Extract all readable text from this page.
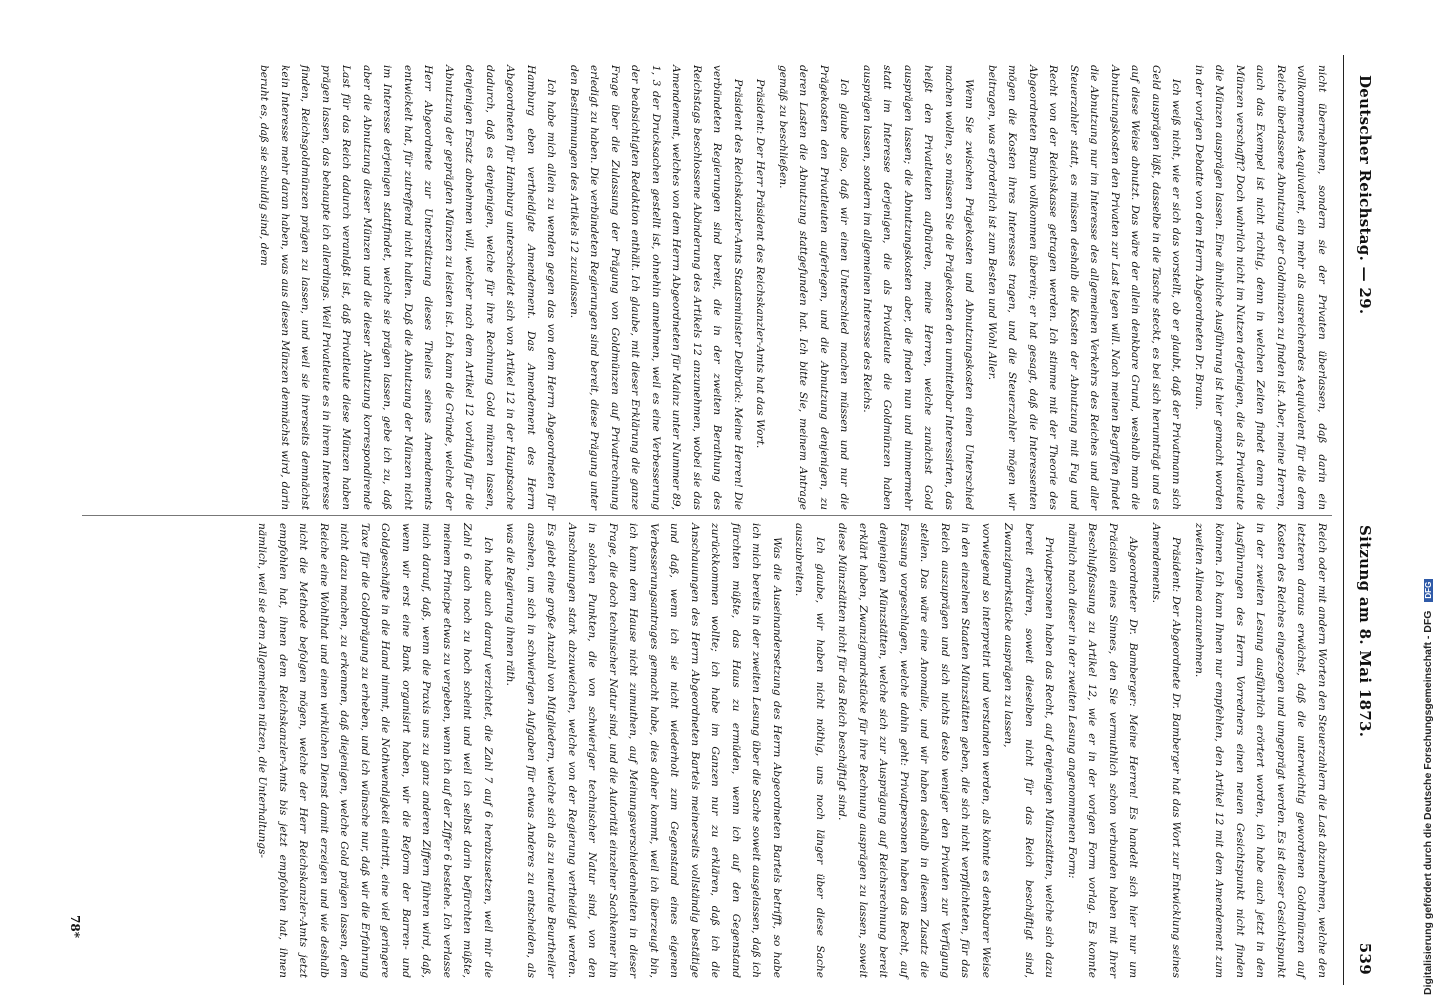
Deutscher Reichstag. — 29.
Sitzung am 8. Mai 1873.
539

nicht übernehmen, sondern sie der Privaten überlassen, daß darin ein vollkommenes Aequivalent, ein mehr als ausreichendes Aequivalent für die dem Reiche überlassene Abnutzung der Goldmünzen zu finden ist. Aber, meine Herren, auch das Exempel ist nicht richtig, denn in welchen Zeiten findet denn die Münzen verschafft? Doch wahrlich nicht im Nutzen derjenigen, die als Privatleute die Münzen ausprägen lassen. Eine ähnliche Ausführung ist hier gemacht worden in der vorigen Debatte von dem Herrn Abgeordneten Dr. Braun.

Ich weiß nicht, wie er sich das vorstellt, ob er glaubt, daß der Privatmann sich Geld ausprägen läßt, dasselbe in die Tasche steckt, es bei sich herumträgt und es auf diese Weise abnutzt. Das wäre der allein denkbare Grund, weshalb man die Abnutzungskosten den Privaten zur Last legen will. Nach meinen Begriffen findet die Abnutzung nur im Interesse des allgemeinen Verkehrs des Reiches und aller Steuerzahler statt, es müssen deshalb die Kosten der Abnutzung mit Fug und Recht von der Reichskasse getragen werden. Ich stimme mit der Theorie des Abgeordneten Braun vollkommen überein; er hat gesagt, daß die Interessenten mögen die Kosten ihres Interesses tragen, und die Steuerzahler mögen wir beitragen, was erforderlich ist zum Besten und Wohl Aller.

Wenn Sie zwischen Prägekosten und Abnutzungskosten einen Unterschied machen wollen, so müssen Sie die Prägekosten den unmittelbar Interessirten, das heißt den Privatleuten aufbürden, meine Herren, welche zunächst Gold ausprägen lassen; die Abnutzungskosten aber, die finden nun und nimmermehr statt im Interesse derjenigen, die als Privatleute die Goldmünzen haben ausprägen lassen, sondern im allgemeinen Interesse des Reichs.

Ich glaube also, daß wir einen Unterschied machen müssen und nur die Prägekosten den Privatleuten auferlegen, und die Abnutzung denjenigen, zu deren Lasten die Abnutzung stattgefunden hat. Ich bitte Sie, meinem Antrage gemäß zu beschließen.

Präsident: Der Herr Präsident des Reichskanzler-Amts hat das Wort.

Präsident des Reichskanzler-Amts Staatsminister Delbrück: Meine Herren! Die verbündeten Regierungen sind bereit, die in der zweiten Berathung des Reichstags beschlossene Abänderung des Artikels 12 anzunehmen, wobei sie das Amendement, welches von dem Herrn Abgeordneten für Mainz unter Nummer 89, 1, 3 der Drucksachen gestellt ist, ohnehin annehmen, weil es eine Verbesserung der beabsichtigten Redaktion enthält. Ich glaube, mit dieser Erklärung die ganze Frage über die Zulassung der Prägung von Goldmünzen auf Privatrechnung erledigt zu haben. Die verbündeten Regierungen sind bereit, diese Prägung unter den Bestimmungen des Artikels 12 zuzulassen.

Ich habe mich allein zu wenden gegen das von dem Herrn Abgeordneten für Hamburg eben vertheidigte Amendement. Das Amendement des Herrn Abgeordneten für Hamburg unterscheidet sich von Artikel 12 in der Hauptsache dadurch, daß es denjenigen, welche für ihre Rechnung Gold münzen lassen, denjenigen Ersatz abnehmen will, welcher nach dem Artikel 12 vorläufig für die Abnutzung der geprägten Münzen zu leisten ist. Ich kann die Gründe, welche der Herr Abgeordnete zur Unterstützung dieses Theiles seines Amendements entwickelt hat, für zutreffend nicht halten. Daß die Abnutzung der Münzen nicht im Interesse derjenigen stattfindet, welche sie prägen lassen, gebe ich zu, daß aber die Abnutzung dieser Münzen und die dieser Abnutzung korrespondirende Last für das Reich dadurch veranlaßt ist, daß Privatleute diese Münzen haben prägen lassen, das behaupte ich allerdings. Weil Privatleute es in ihrem Interesse finden, Reichsgoldmünzen prägen zu lassen, und weil sie ihrerseits demnächst kein Interesse mehr daran haben, was aus diesen Münzen demnächst wird, darin beruht es, daß sie schuldig sind, dem

Reich oder mit andern Worten den Steuerzahlern die Last abzunehmen, welche den letzteren daraus erwächst, daß die unterwichtig gewordenen Goldmünzen auf Kosten des Reiches eingezogen und umgeprägt werden. Es ist dieser Gesichtspunkt in der zweiten Lesung ausführlich erörtert worden, ich habe auch jetzt in den Ausführungen des Herrn Vorredners einen neuen Gesichtspunkt nicht finden können. Ich kann Ihnen nur empfehlen, den Artikel 12 mit dem Amendement zum zweiten Alinea anzunehmen.

Präsident: Der Abgeordnete Dr. Bamberger hat das Wort zur Entwicklung seines Amendements.

Abgeordneter Dr. Bamberger: Meine Herren! Es handelt sich hier nur um Präcision eines Sinnes, den Sie vermuthlich schon verbunden haben mit Ihrer Beschlußfassung zu Artikel 12, wie er in der vorigen Form vorlag. Es konnte nämlich nach dieser in der zweiten Lesung angenommenen Form:

Privatpersonen haben das Recht, auf denjenigen Münzstätten, welche sich dazu bereit erklären, soweit dieselben nicht für das Reich beschäftigt sind, Zwanzigmarkstücke ausprägen zu lassen,

vorwiegend so interpretirt und verstanden werden, als könnte es denkbarer Weise in den einzelnen Staaten Münzstätten geben, die sich nicht verpflichteten, für das Reich auszuprägen und sich nichts desto weniger den Privaten zur Verfügung stellen. Das wäre eine Anomalie, und wir haben deshalb in diesem Zusatz die Fassung vorgeschlagen, welche dahin geht: Privatpersonen haben das Recht, auf denjenigen Münzstätten, welche sich zur Ausprägung auf Reichsrechnung bereit erklärt haben, Zwanzigmarkstücke für ihre Rechnung ausprägen zu lassen, soweit diese Münzstätten nicht für das Reich beschäftigt sind.

Ich glaube, wir haben nicht nöthig, uns noch länger über diese Sache auszubreiten.

Was die Auseinandersetzung des Herrn Abgeordneten Bartels betrifft, so habe ich mich bereits in der zweiten Lesung über die Sache soweit ausgelassen, daß ich fürchten müßte, das Haus zu ermüden, wenn ich auf den Gegenstand zurückkommen wollte; ich habe im Ganzen nur zu erklären, daß ich die Anschauungen des Herrn Abgeordneten Bartels meinerseits vollständig bestätige und daß, wenn ich sie nicht wiederholt zum Gegenstand eines eigenen Verbesserungsantrages gemacht habe, dies daher kommt, weil ich überzeugt bin, ich kann dem Hause nicht zumuthen, auf Meinungsverschiedenheiten in dieser Frage, die doch technischer Natur sind, und die Autorität einzelner Sachkenner hin in solchen Punkten, die von schwieriger technischer Natur sind, von den Anschauungen stark abzuweichen, welche von der Regierung vertheidigt werden. Es giebt eine große Anzahl von Mitgliedern, welche sich als zu neutrale Beurtheiler ansehen, um sich in schwierigen Aufgaben für etwas Anderes zu entscheiden, als was die Regierung ihnen räth.

Ich habe auch darauf verzichtet, die Zahl 7 auf 6 herabzusetzen, weil mir die Zahl 6 auch noch zu hoch scheint und weil ich selbst darin befürchten müßte, meinem Principe etwas zu vergeben, wenn ich auf der Ziffer 6 bestehe. Ich verlasse mich darauf, daß, wenn die Praxis uns zu ganz anderen Ziffern führen wird, daß, wenn wir erst eine Bank organisirt haben, wir die Reform der Barren- und Goldgeschäfte in die Hand nimmt, die Nothwendigkeit eintritt, eine viel geringere Taxe für die Goldprägung zu erheben, und ich wünsche nur, daß wir die Erfahrung nicht dazu machen, zu erkennen, daß diejenigen, welche Gold prägen lassen, dem Reiche eine Wohlthat und einen wirklichen Dienst damit erzeigen und wie deshalb nicht die Methode befolgen mögen, welche der Herr Reichskanzler-Amts jetzt empfohlen hat, ihnen dem Reichskanzler-Amts bis jetzt empfohlen hat, ihnen nämlich, weil sie dem Allgemeinen nützen, die Unterhaltungs-

78*	Digitalisierung gefördert durch die Deutsche Forschungsgemeinschaft - DFG DFG
